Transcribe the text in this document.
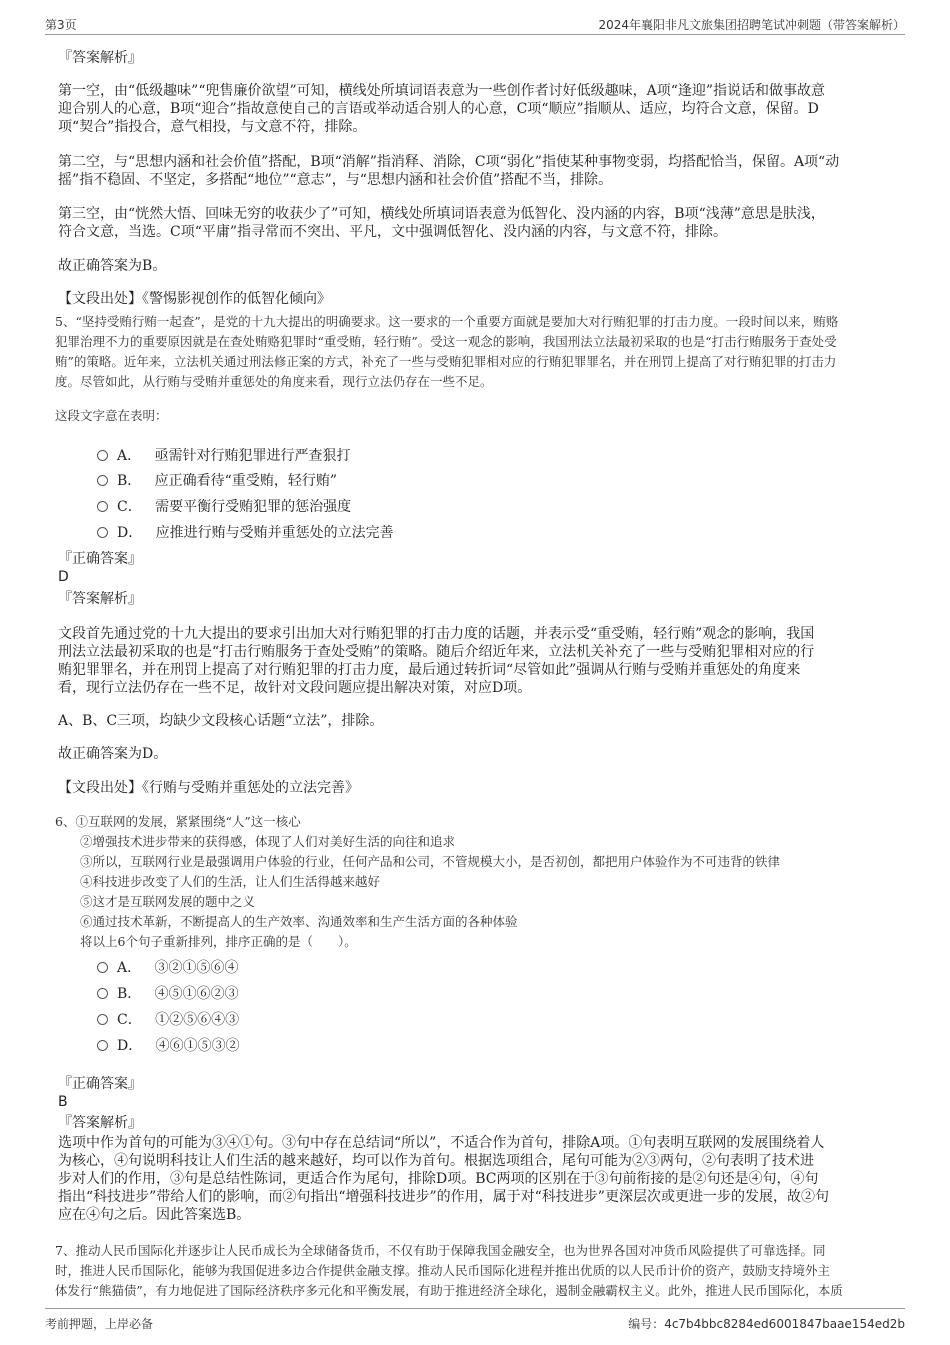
第3页	2024年襄阳非凡文旅集团招聘笔试冲刺题（带答案解析）
『答案解析』
第一空，由“低级趣味”“兜售廉价欲望”可知，横线处所填词语表意为一些创作者讨好低级趣味，A项“逢迎”指说话和做事故意
迎合别人的心意，B项“迎合”指故意使自己的言语或举动适合别人的心意，C项“顺应”指顺从、适应，均符合文意，保留。D
项“契合”指投合，意气相投，与文意不符，排除。
第二空，与“思想内涵和社会价值”搭配，B项“消解”指消释、消除，C项“弱化”指使某种事物变弱，均搭配恰当，保留。A项“动
摇”指不稳固、不坚定，多搭配“地位”“意志”，与“思想内涵和社会价值”搭配不当，排除。
第三空，由“恍然大悟、回味无穷的收获少了”可知，横线处所填词语表意为低智化、没内涵的内容，B项“浅薄”意思是肤浅，
符合文意，当选。C项“平庸”指寻常而不突出、平凡，文中强调低智化、没内涵的内容，与文意不符，排除。
故正确答案为B。
【文段出处】《警惕影视创作的低智化倾向》
5、“坚持受贿行贿一起查”，是党的十九大提出的明确要求。这一要求的一个重要方面就是要加大对行贿犯罪的打击力度。一段时间以来，贿赂
犯罪治理不力的重要原因就是在查处贿赂犯罪时“重受贿，轻行贿”。受这一观念的影响，我国刑法立法最初采取的也是“打击行贿服务于查处受
贿”的策略。近年来，立法机关通过刑法修正案的方式，补充了一些与受贿犯罪相对应的行贿犯罪罪名，并在刑罚上提高了对行贿犯罪的打击力
度。尽管如此，从行贿与受贿并重惩处的角度来看，现行立法仍存在一些不足。
这段文字意在表明：
A． 亟需针对行贿犯罪进行严查狠打
B． 应正确看待“重受贿，轻行贿”
C． 需要平衡行受贿犯罪的惩治强度
D． 应推进行贿与受贿并重惩处的立法完善
『正确答案』
D
『答案解析』
文段首先通过党的十九大提出的要求引出加大对行贿犯罪的打击力度的话题，并表示受“重受贿，轻行贿”观念的影响，我国
刑法立法最初采取的也是“打击行贿服务于查处受贿”的策略。随后介绍近年来，立法机关补充了一些与受贿犯罪相对应的行
贿犯罪罪名，并在刑罚上提高了对行贿犯罪的打击力度，最后通过转折词“尽管如此”强调从行贿与受贿并重惩处的角度来
看，现行立法仍存在一些不足，故针对文段问题应提出解决对策，对应D项。
A、B、C三项，均缺少文段核心话题“立法”，排除。
故正确答案为D。
【文段出处】《行贿与受贿并重惩处的立法完善》
6、①互联网的发展，紧紧围绕“人”这一核心
②增强技术进步带来的获得感，体现了人们对美好生活的向往和追求
③所以，互联网行业是最强调用户体验的行业，任何产品和公司，不管规模大小，是否初创，都把用户体验作为不可违背的铁律
④科技进步改变了人们的生活，让人们生活得越来越好
⑤这才是互联网发展的题中之义
⑥通过技术革新，不断提高人的生产效率、沟通效率和生产生活方面的各种体验
将以上6个句子重新排列，排序正确的是（　　）。
A． ③②①⑤⑥④
B． ④⑤①⑥②③
C． ①②⑤⑥④③
D． ④⑥①⑤③②
『正确答案』
B
『答案解析』
选项中作为首句的可能为③④①句。③句中存在总结词“所以”，不适合作为首句，排除A项。①句表明互联网的发展围绕着人
为核心，④句说明科技让人们生活的越来越好，均可以作为首句。根据选项组合，尾句可能为②③两句，②句表明了技术进
步对人们的作用，③句是总结性陈词，更适合作为尾句，排除D项。BC两项的区别在于③句前衔接的是②句还是④句，④句
指出“科技进步”带给人们的影响，而②句指出“增强科技进步”的作用，属于对“科技进步”更深层次或更进一步的发展，故②句
应在④句之后。因此答案选B。
7、推动人民币国际化并逐步让人民币成长为全球储备货币，不仅有助于保障我国金融安全，也为世界各国对冲货币风险提供了可靠选择。同
时，推进人民币国际化，能够为我国促进多边合作提供金融支撑。推动人民币国际化进程并推出优质的以人民币计价的资产，鼓励支持境外主
体发行“熊猫债”，有力地促进了国际经济秩序多元化和平衡发展，有助于推进经济全球化，遏制金融霸权主义。此外，推进人民币国际化，本质
考前押题，上岸必备	编号：4c7b4bbc8284ed6001847baae154ed2b
